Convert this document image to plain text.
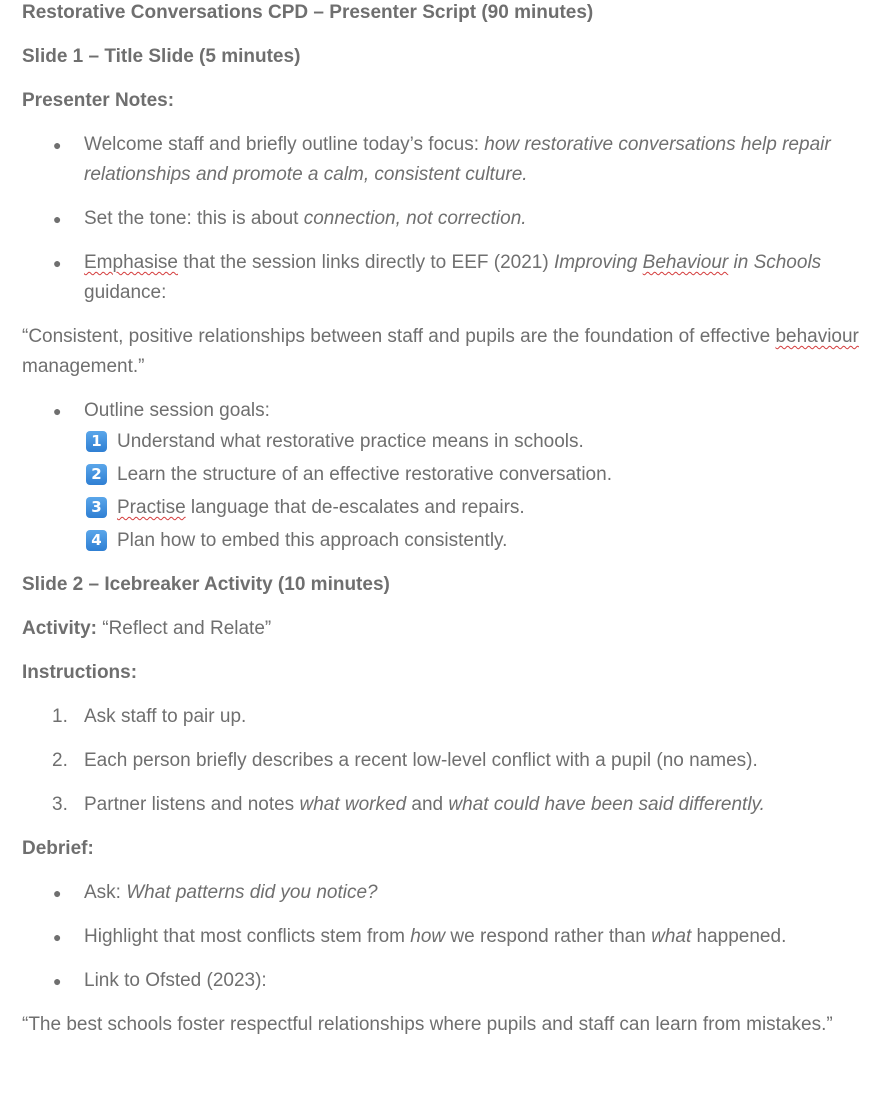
Restorative Conversations CPD – Presenter Script (90 minutes)

Slide 1 – Title Slide (5 minutes)

Presenter Notes:

● Welcome staff and briefly outline today’s focus: how restorative conversations help repair relationships and promote a calm, consistent culture.
● Set the tone: this is about connection, not correction.
● Emphasise that the session links directly to EEF (2021) Improving Behaviour in Schools guidance:

“Consistent, positive relationships between staff and pupils are the foundation of effective behaviour management.”

● Outline session goals:
1 Understand what restorative practice means in schools.
2 Learn the structure of an effective restorative conversation.
3 Practise language that de-escalates and repairs.
4 Plan how to embed this approach consistently.

Slide 2 – Icebreaker Activity (10 minutes)

Activity: “Reflect and Relate”

Instructions:

1. Ask staff to pair up.
2. Each person briefly describes a recent low-level conflict with a pupil (no names).
3. Partner listens and notes what worked and what could have been said differently.

Debrief:

● Ask: What patterns did you notice?
● Highlight that most conflicts stem from how we respond rather than what happened.
● Link to Ofsted (2023):

“The best schools foster respectful relationships where pupils and staff can learn from mistakes.”
